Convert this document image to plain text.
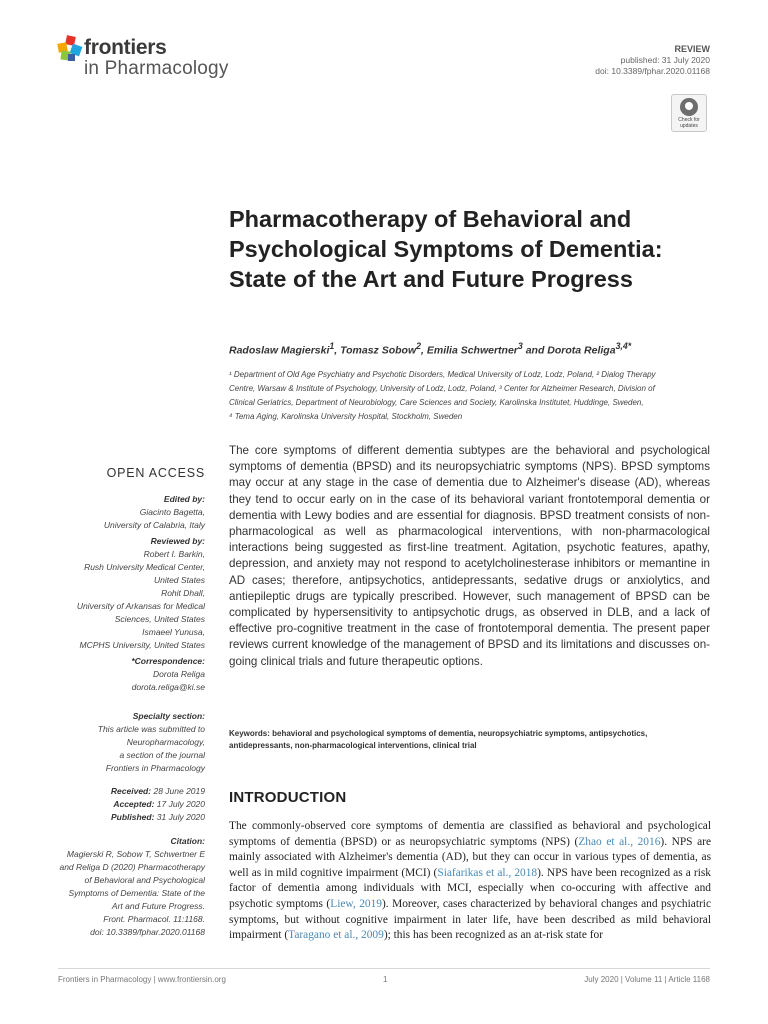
frontiers
in Pharmacology
REVIEW
published: 31 July 2020
doi: 10.3389/fphar.2020.01168
Check for updates
Pharmacotherapy of Behavioral and Psychological Symptoms of Dementia: State of the Art and Future Progress
Radoslaw Magierski$^1$, Tomasz Sobow$^2$, Emilia Schwertner$^3$ and Dorota Religa$^{3,4*}$
¹ Department of Old Age Psychiatry and Psychotic Disorders, Medical University of Lodz, Lodz, Poland, ² Dialog Therapy
Centre, Warsaw & Institute of Psychology, University of Lodz, Lodz, Poland, ³ Center for Alzheimer Research, Division of
Clinical Geriatrics, Department of Neurobiology, Care Sciences and Society, Karolinska Institutet, Huddinge, Sweden,
⁴ Tema Aging, Karolinska University Hospital, Stockholm, Sweden
OPEN ACCESS
Edited by:
Giacinto Bagetta,
University of Calabria, Italy
Reviewed by:
Robert I. Barkin,
Rush University Medical Center,
United States
Rohit Dhall,
University of Arkansas for Medical
Sciences, United States
Ismaeel Yunusa,
MCPHS University, United States
*Correspondence:
Dorota Religa
dorota.religa@ki.se
Specialty section:
This article was submitted to
Neuropharmacology,
a section of the journal
Frontiers in Pharmacology
Received: 28 June 2019
Accepted: 17 July 2020
Published: 31 July 2020
Citation:
Magierski R, Sobow T, Schwertner E
and Religa D (2020) Pharmacotherapy
of Behavioral and Psychological
Symptoms of Dementia: State of the
Art and Future Progress.
Front. Pharmacol. 11:1168.
doi: 10.3389/fphar.2020.01168

The core symptoms of different dementia subtypes are the behavioral and psychological symptoms of dementia (BPSD) and its neuropsychiatric symptoms (NPS). BPSD symptoms may occur at any stage in the case of dementia due to Alzheimer's disease (AD), whereas they tend to occur early on in the case of its behavioral variant frontotemporal dementia or dementia with Lewy bodies and are essential for diagnosis. BPSD treatment consists of non-pharmacological as well as pharmacological interventions, with non-pharmacological interactions being suggested as first-line treatment. Agitation, psychotic features, apathy, depression, and anxiety may not respond to acetylcholinesterase inhibitors or memantine in AD cases; therefore, antipsychotics, antidepressants, sedative drugs or anxiolytics, and antiepileptic drugs are typically prescribed. However, such management of BPSD can be complicated by hypersensitivity to antipsychotic drugs, as observed in DLB, and a lack of effective pro-cognitive treatment in the case of frontotemporal dementia. The present paper reviews current knowledge of the management of BPSD and its limitations and discusses on-going clinical trials and future therapeutic options.

Keywords: behavioral and psychological symptoms of dementia, neuropsychiatric symptoms, antipsychotics, antidepressants, non-pharmacological interventions, clinical trial

INTRODUCTION

The commonly-observed core symptoms of dementia are classified as behavioral and psychological symptoms of dementia (BPSD) or as neuropsychiatric symptoms (NPS) (Zhao et al., 2016). NPS are mainly associated with Alzheimer's dementia (AD), but they can occur in various types of dementia, as well as in mild cognitive impairment (MCI) (Siafarikas et al., 2018). NPS have been recognized as a risk factor of dementia among individuals with MCI, especially when co-occuring with affective and psychotic symptoms (Liew, 2019). Moreover, cases characterized by behavioral changes and psychiatric symptoms, but without cognitive impairment in later life, have been described as mild behavioral impairment (Taragano et al., 2009); this has been recognized as an at-risk state for

Frontiers in Pharmacology | www.frontiersin.org	1	July 2020 | Volume 11 | Article 1168
